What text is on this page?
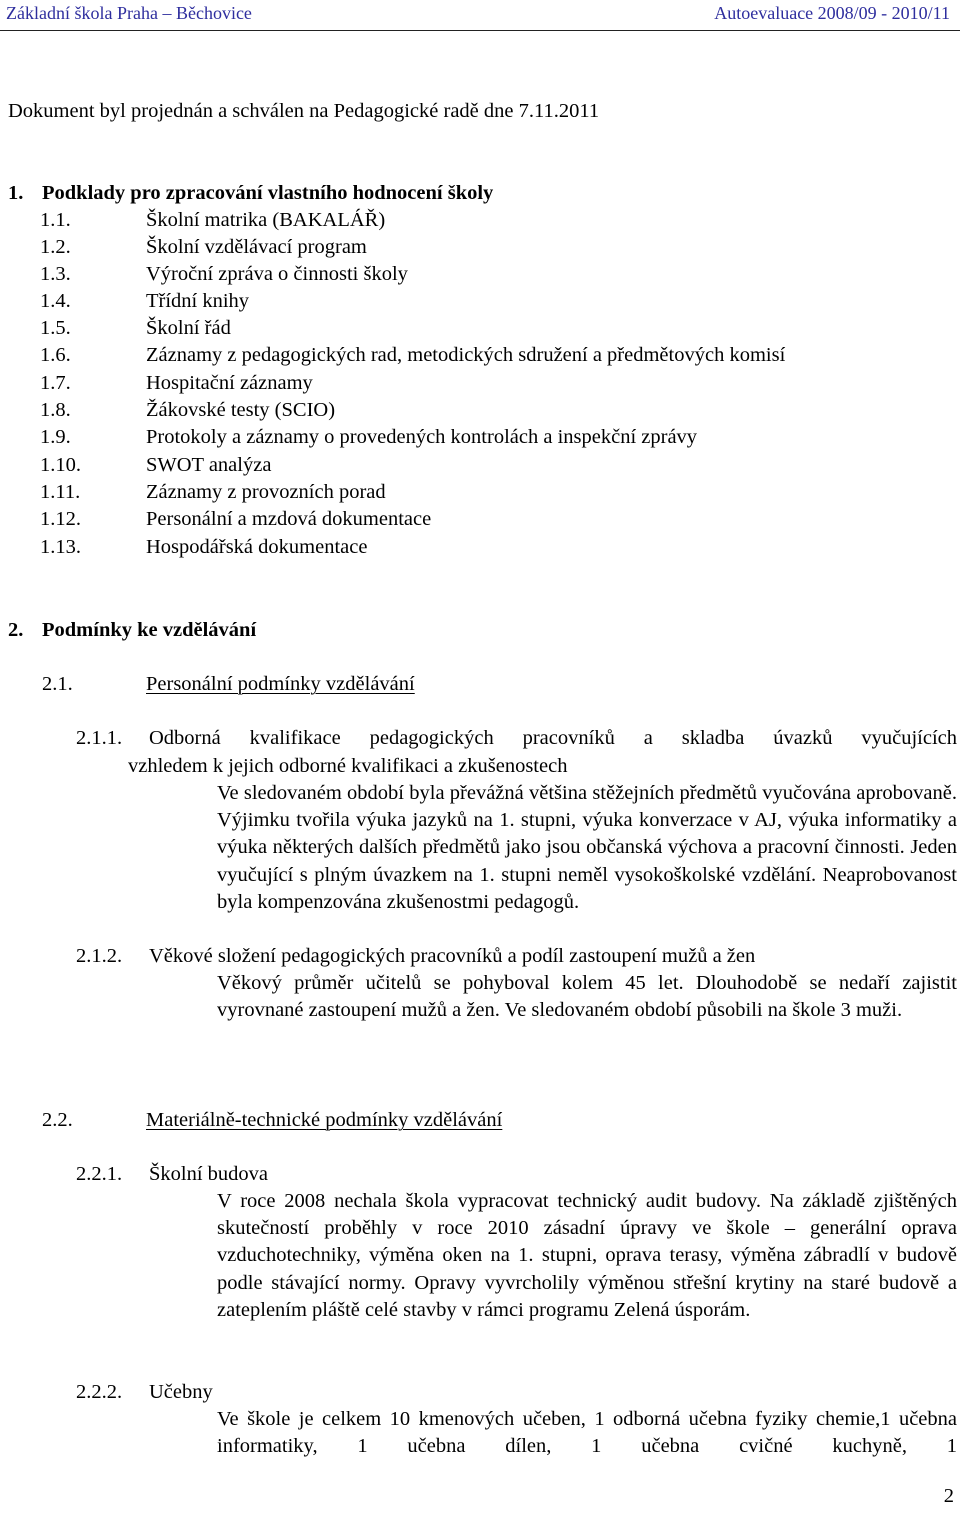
Základní škola Praha – Běchovice	Autoevaluace 2008/09 - 2010/11
Dokument byl projednán a schválen na Pedagogické radě dne 7.11.2011
1. Podklady pro zpracování vlastního hodnocení školy
1.1.	Školní matrika (BAKALÁŘ)
1.2.	Školní vzdělávací program
1.3.	Výroční zpráva o činnosti školy
1.4.	Třídní knihy
1.5.	Školní řád
1.6.	Záznamy z pedagogických rad, metodických sdružení a předmětových komisí
1.7.	Hospitační záznamy
1.8.	Žákovské testy (SCIO)
1.9.	Protokoly a záznamy o provedených kontrolách a inspekční zprávy
1.10.	SWOT analýza
1.11.	Záznamy z provozních porad
1.12.	Personální a mzdová dokumentace
1.13.	Hospodářská dokumentace
2. Podmínky ke vzdělávání
2.1.	Personální podmínky vzdělávání
2.1.1. Odborná kvalifikace pedagogických pracovníků a skladba úvazků vyučujících
vzhledem k jejich odborné kvalifikaci a zkušenostech
Ve sledovaném období byla převážná většina stěžejních předmětů vyučována aprobovaně. Výjimku tvořila výuka jazyků na 1. stupni, výuka konverzace v AJ, výuka informatiky a výuka některých dalších předmětů jako jsou občanská výchova a pracovní činnosti. Jeden vyučující s plným úvazkem na 1. stupni neměl vysokoškolské vzdělání. Neaprobovanost byla kompenzována zkušenostmi pedagogů.
2.1.2. Věkové složení pedagogických pracovníků a podíl zastoupení mužů a žen
Věkový průměr učitelů se pohyboval kolem 45 let. Dlouhodobě se nedaří zajistit vyrovnané zastoupení mužů a žen. Ve sledovaném období působili na škole 3 muži.
2.2.	Materiálně-technické podmínky vzdělávání
2.2.1. Školní budova
V roce 2008 nechala škola vypracovat technický audit budovy. Na základě zjištěných skutečností proběhly v roce 2010 zásadní úpravy ve škole – generální oprava vzduchotechniky, výměna oken na 1. stupni, oprava terasy, výměna zábradlí v budově podle stávající normy. Opravy vyvrcholily výměnou střešní krytiny na staré budově a zateplením pláště celé stavby v rámci programu Zelená úsporám.
2.2.2. Učebny
Ve škole je celkem 10 kmenových učeben, 1 odborná učebna fyziky chemie,1 učebna informatiky, 1 učebna dílen, 1 učebna cvičné kuchyně, 1
2
